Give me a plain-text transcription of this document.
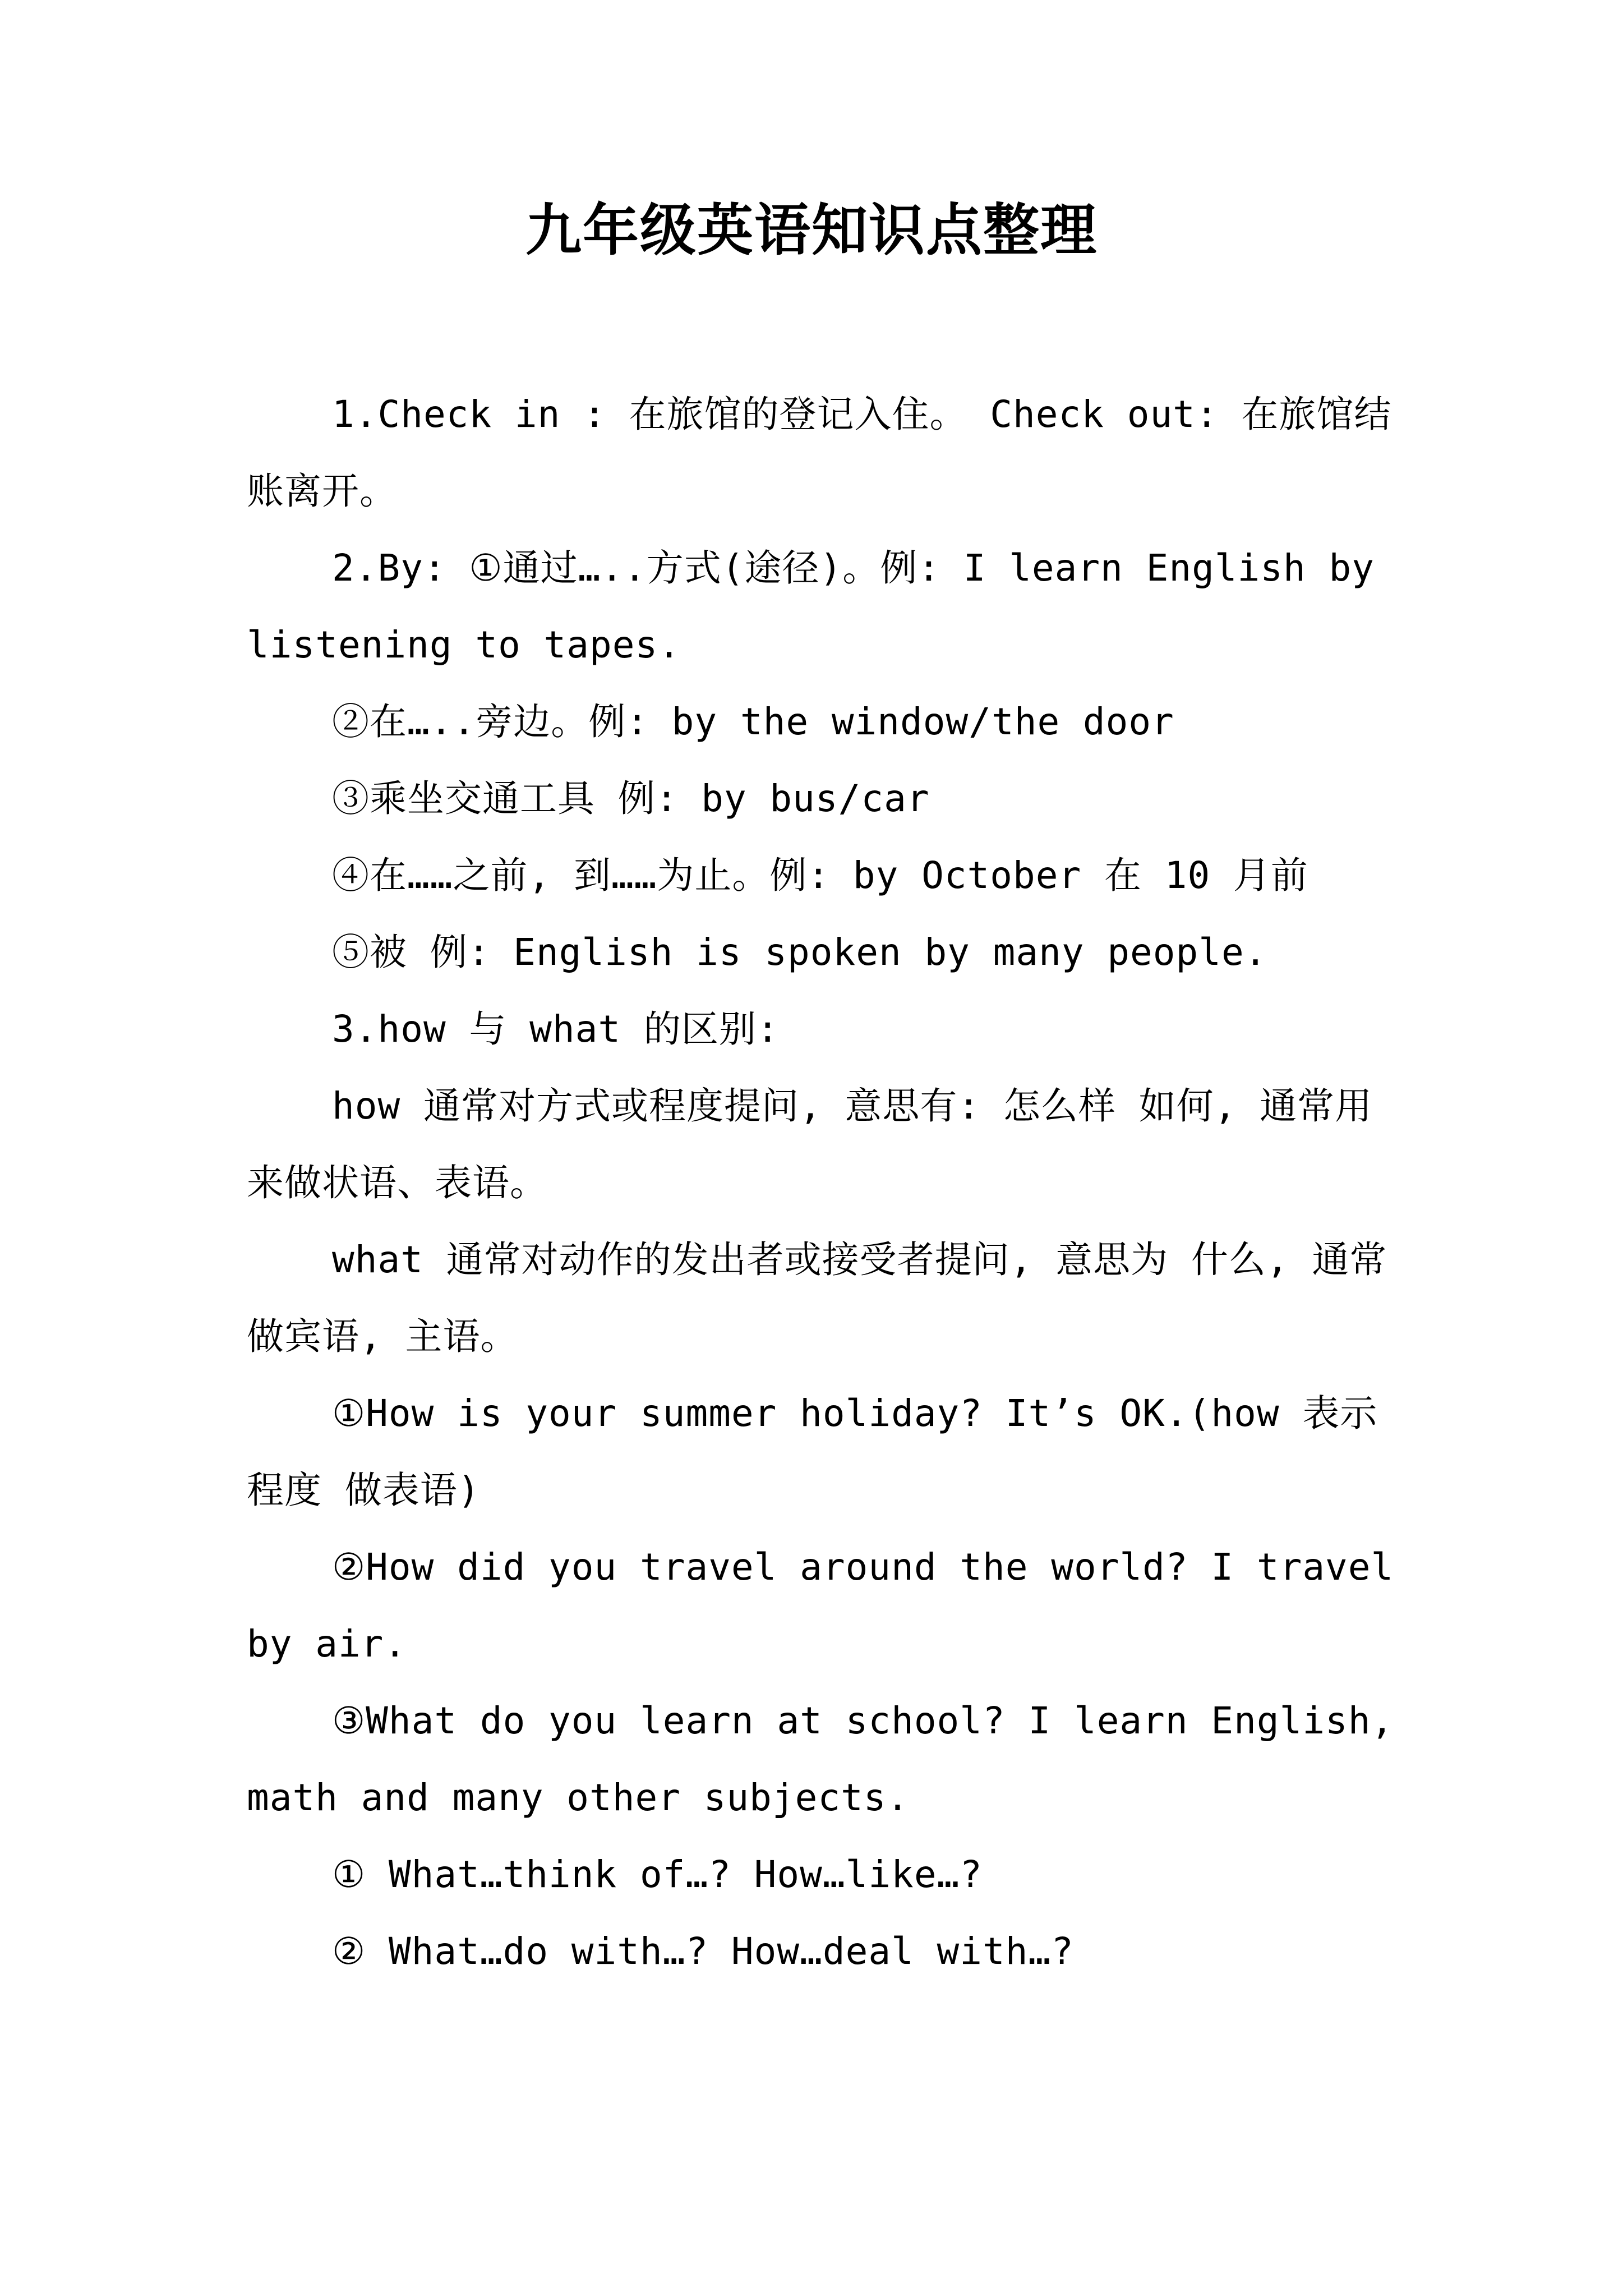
九年级英语知识点整理

1.Check in : 在旅馆的登记入住。 Check out: 在旅馆结账离开。

2.By: ①通过…..方式(途径)。例: I learn English by listening to tapes.

②在…..旁边。例: by the window/the door

③乘坐交通工具 例: by bus/car

④在……之前, 到……为止。例: by October 在 10 月前

⑤被 例: English is spoken by many people.

3.how 与 what 的区别:

how 通常对方式或程度提问, 意思有: 怎么样 如何, 通常用来做状语、表语。

what 通常对动作的发出者或接受者提问, 意思为 什么, 通常做宾语, 主语。

①How is your summer holiday? It’s OK.(how 表示程度 做表语)

②How did you travel around the world? I travel by air.

③What do you learn at school? I learn English, math and many other subjects.

① What…think of…? How…like…?

② What…do with…? How…deal with…?
